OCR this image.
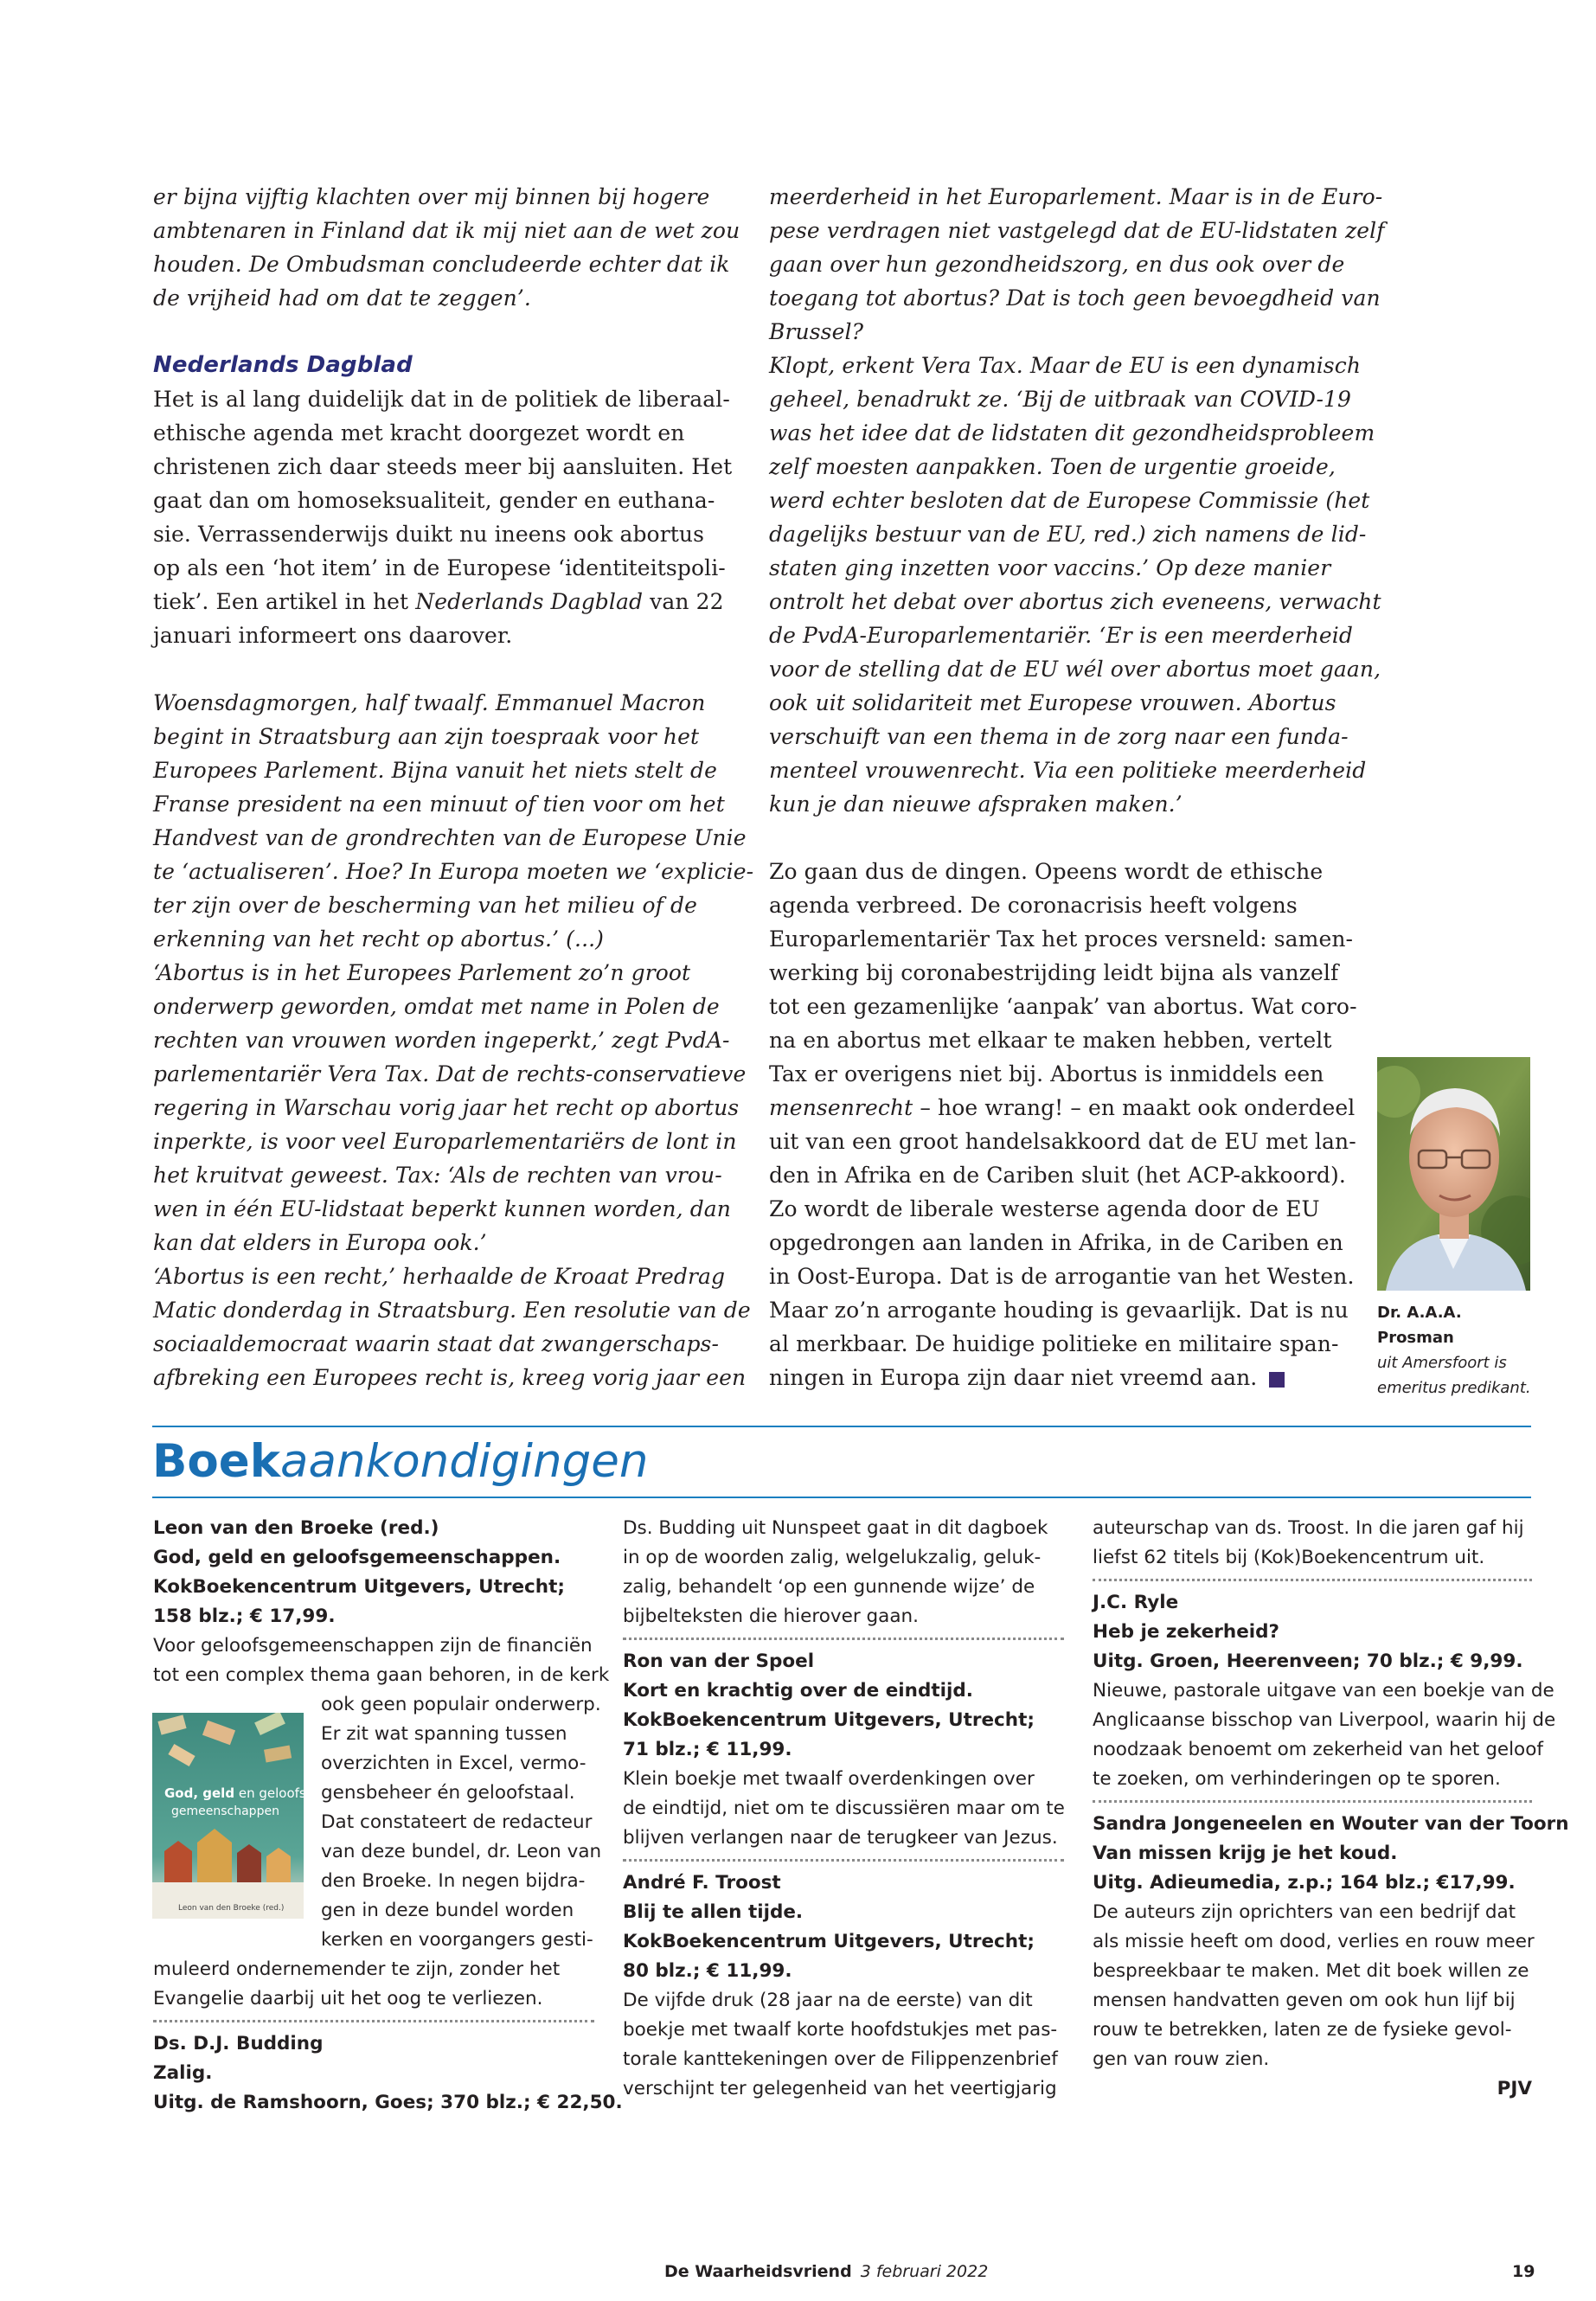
er bijna vijftig klachten over mij binnen bij hogere

ambtenaren in Finland dat ik mij niet aan de wet zou

houden. De Ombudsman concludeerde echter dat ik

de vrijheid had om dat te zeggen’.

Nederlands Dagblad

Het is al lang duidelijk dat in de politiek de liberaal-

ethische agenda met kracht doorgezet wordt en

christenen zich daar steeds meer bij aansluiten. Het

gaat dan om homoseksualiteit, gender en euthana-

sie. Verrassenderwijs duikt nu ineens ook abortus

op als een ‘hot item’ in de Europese ‘identiteitspoli-

tiek’. Een artikel in het Nederlands Dagblad van 22

januari informeert ons daarover.

Woensdagmorgen, half twaalf. Emmanuel Macron

begint in Straatsburg aan zijn toespraak voor het

Europees Parlement. Bijna vanuit het niets stelt de

Franse president na een minuut of tien voor om het

Handvest van de grondrechten van de Europese Unie

te ‘actualiseren’. Hoe? In Europa moeten we ‘explicie-

ter zijn over de bescherming van het milieu of de

erkenning van het recht op abortus.’ (...)

‘Abortus is in het Europees Parlement zo’n groot

onderwerp geworden, omdat met name in Polen de

rechten van vrouwen worden ingeperkt,’ zegt PvdA-

parlementariër Vera Tax. Dat de rechts-conservatieve

regering in Warschau vorig jaar het recht op abortus

inperkte, is voor veel Europarlementariërs de lont in

het kruitvat geweest. Tax: ‘Als de rechten van vrou-

wen in één EU-lidstaat beperkt kunnen worden, dan

kan dat elders in Europa ook.’

‘Abortus is een recht,’ herhaalde de Kroaat Predrag

Matic donderdag in Straatsburg. Een resolutie van de

sociaaldemocraat waarin staat dat zwangerschaps-

afbreking een Europees recht is, kreeg vorig jaar een

meerderheid in het Europarlement. Maar is in de Euro-

pese verdragen niet vastgelegd dat de EU-lidstaten zelf

gaan over hun gezondheidszorg, en dus ook over de

toegang tot abortus? Dat is toch geen bevoegdheid van

Brussel?

Klopt, erkent Vera Tax. Maar de EU is een dynamisch

geheel, benadrukt ze. ‘Bij de uitbraak van COVID-19

was het idee dat de lidstaten dit gezondheidsprobleem

zelf moesten aanpakken. Toen de urgentie groeide,

werd echter besloten dat de Europese Commissie (het

dagelijks bestuur van de EU, red.) zich namens de lid-

staten ging inzetten voor vaccins.’ Op deze manier

ontrolt het debat over abortus zich eveneens, verwacht

de PvdA-Europarlementariër. ‘Er is een meerderheid

voor de stelling dat de EU wél over abortus moet gaan,

ook uit solidariteit met Europese vrouwen. Abortus

verschuift van een thema in de zorg naar een funda-

menteel vrouwenrecht. Via een politieke meerderheid

kun je dan nieuwe afspraken maken.’

Zo gaan dus de dingen. Opeens wordt de ethische

agenda verbreed. De coronacrisis heeft volgens

Europarlementariër Tax het proces versneld: samen-

werking bij coronabestrijding leidt bijna als vanzelf

tot een gezamenlijke ‘aanpak’ van abortus. Wat coro-

na en abortus met elkaar te maken hebben, vertelt

Tax er overigens niet bij. Abortus is inmiddels een

mensenrecht – hoe wrang! – en maakt ook onderdeel

uit van een groot handelsakkoord dat de EU met lan-

den in Afrika en de Cariben sluit (het ACP-akkoord).

Zo wordt de liberale westerse agenda door de EU

opgedrongen aan landen in Afrika, in de Cariben en

in Oost-Europa. Dat is de arrogantie van het Westen.

Maar zo’n arrogante houding is gevaarlijk. Dat is nu

al merkbaar. De huidige politieke en militaire span-

ningen in Europa zijn daar niet vreemd aan.

Dr. A.A.A. Prosman

uit Amersfoort is

emeritus predikant.

Boekaankondigingen

Leon van den Broeke (red.)

God, geld en geloofsgemeenschappen.

KokBoekencentrum Uitgevers, Utrecht;

158 blz.; € 17,99.

Voor geloofsgemeenschappen zijn de financiën

tot een complex thema gaan behoren, in de kerk

ook geen populair onderwerp.

Er zit wat spanning tussen

overzichten in Excel, vermo-

gensbeheer én geloofstaal.

Dat constateert de redacteur

van deze bundel, dr. Leon van

den Broeke. In negen bijdra-

gen in deze bundel worden

kerken en voorgangers gesti-

muleerd ondernemender te zijn, zonder het

Evangelie daarbij uit het oog te verliezen.

Ds. D.J. Budding

Zalig.

Uitg. de Ramshoorn, Goes; 370 blz.; € 22,50.

God, geld en geloofs-
gemeenschappen
Leon van den Broeke (red.)

Ds. Budding uit Nunspeet gaat in dit dagboek

in op de woorden zalig, welgelukzalig, geluk-

zalig, behandelt ‘op een gunnende wijze’ de

bijbelteksten die hierover gaan.

Ron van der Spoel

Kort en krachtig over de eindtijd.

KokBoekencentrum Uitgevers, Utrecht;

71 blz.; € 11,99.

Klein boekje met twaalf overdenkingen over

de eindtijd, niet om te discussiëren maar om te

blijven verlangen naar de terugkeer van Jezus.

André F. Troost

Blij te allen tijde.

KokBoekencentrum Uitgevers, Utrecht;

80 blz.; € 11,99.

De vijfde druk (28 jaar na de eerste) van dit

boekje met twaalf korte hoofdstukjes met pas-

torale kanttekeningen over de Filippenzenbrief

verschijnt ter gelegenheid van het veertigjarig

auteurschap van ds. Troost. In die jaren gaf hij

liefst 62 titels bij (Kok)Boekencentrum uit.

J.C. Ryle

Heb je zekerheid?

Uitg. Groen, Heerenveen; 70 blz.; € 9,99.

Nieuwe, pastorale uitgave van een boekje van de

Anglicaanse bisschop van Liverpool, waarin hij de

noodzaak benoemt om zekerheid van het geloof

te zoeken, om verhinderingen op te sporen.

Sandra Jongeneelen en Wouter van der Toorn

Van missen krijg je het koud.

Uitg. Adieumedia, z.p.; 164 blz.; €17,99.

De auteurs zijn oprichters van een bedrijf dat

als missie heeft om dood, verlies en rouw meer

bespreekbaar te maken. Met dit boek willen ze

mensen handvatten geven om ook hun lijf bij

rouw te betrekken, laten ze de fysieke gevol-

gen van rouw zien.

PJV

De Waarheidsvriend 3 februari 2022	19
